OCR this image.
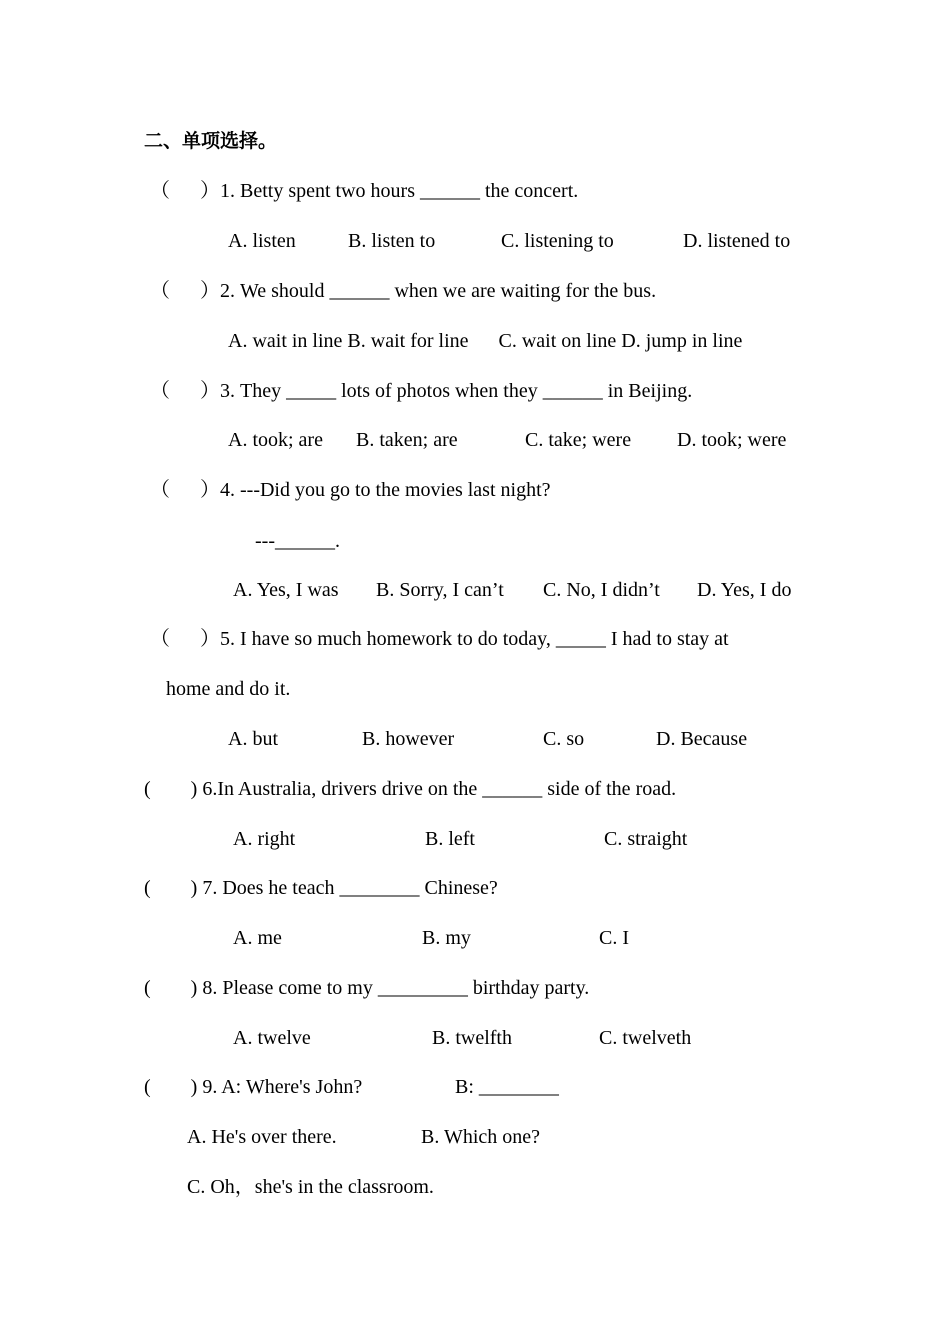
二、单项选择。
（      ）1. Betty spent two hours ______ the concert.
A. listen	B. listen to	C. listening to	D. listened to
（      ）2. We should ______ when we are waiting for the bus.
A. wait in line B. wait for line      C. wait on line D. jump in line
（      ）3. They _____ lots of photos when they ______ in Beijing.
A. took; are B. taken; are	C. take; were D. took; were
（      ）4. ---Did you go to the movies last night?
---______.
A. Yes, I was B. Sorry, I can’t C. No, I didn’t D. Yes, I do
（      ）5. I have so much homework to do today, _____ I had to stay at
home and do it.
A. but	B. however	C. so	D. Because
(        ) 6.In Australia, drivers drive on the ______ side of the road.
A. right	B. left	C. straight
(        ) 7. Does he teach ________ Chinese?
A. me	B. my	C. I
(        ) 8. Please come to my _________ birthday party.
A. twelve	B. twelfth	C. twelveth
(        ) 9. A: Where's John?	B: ________
A. He's over there.	B. Which one?
C. Oh，she's in the classroom.
